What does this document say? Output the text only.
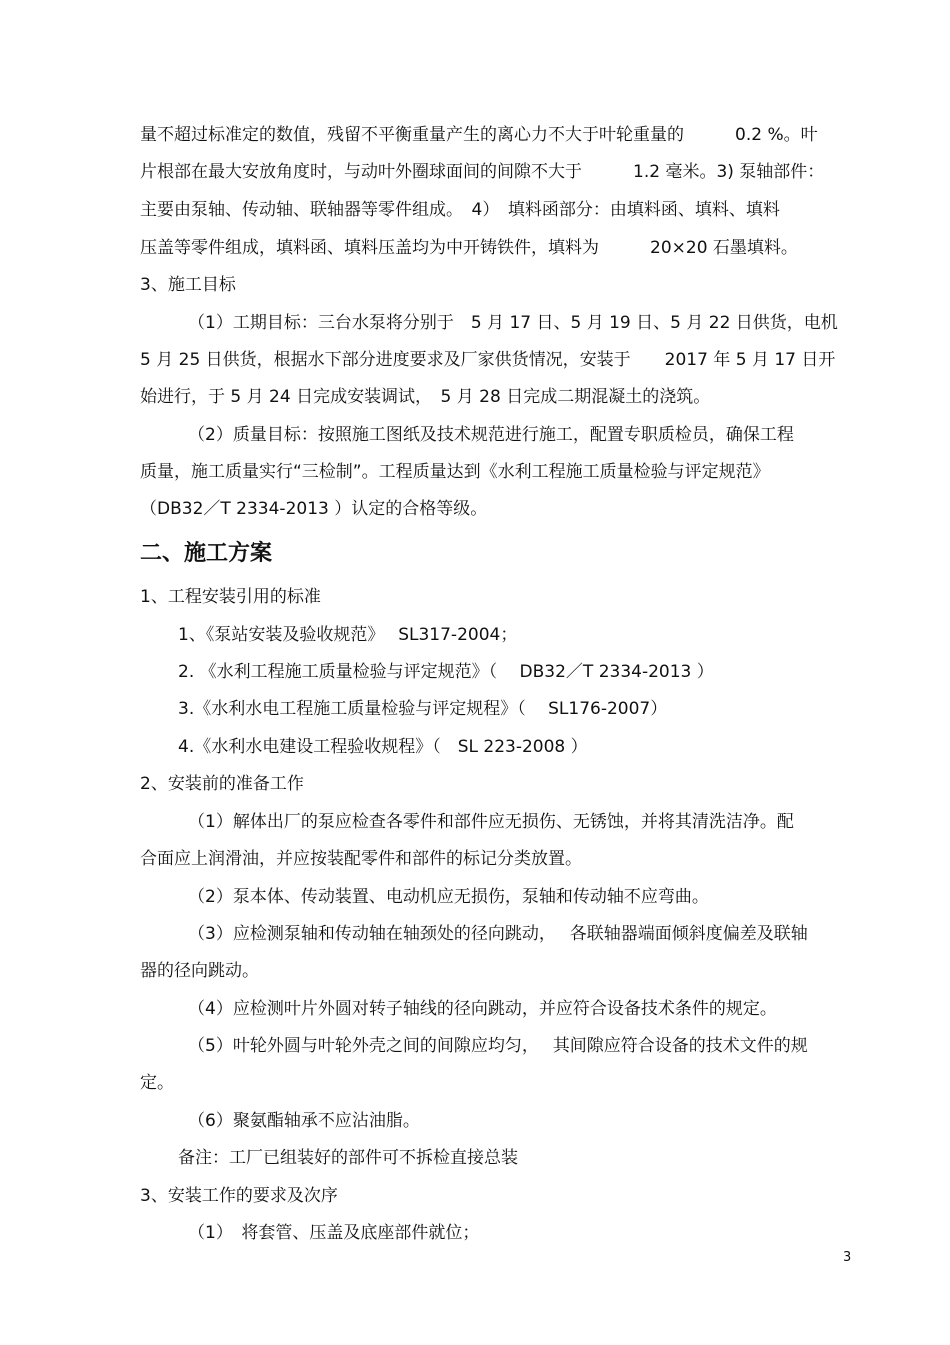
量不超过标准定的数值，残留不平衡重量产生的离心力不大于叶轮重量的　　　0.2 %。叶

片根部在最大安放角度时，与动叶外圈球面间的间隙不大于　　　1.2 毫米。3) 泵轴部件：

主要由泵轴、传动轴、联轴器等零件组成。　4）　填料函部分：由填料函、填料、填料

压盖等零件组成，填料函、填料压盖均为中开铸铁件，填料为　　　20×20 石墨填料。

3、施工目标

（1）工期目标：三台水泵将分别于　5 月 17 日、5 月 19 日、5 月 22 日供货，电机

5 月 25 日供货，根据水下部分进度要求及厂家供货情况，安装于　　2017 年 5 月 17 日开

始进行，于 5 月 24 日完成安装调试，　5 月 28 日完成二期混凝土的浇筑。

（2）质量目标：按照施工图纸及技术规范进行施工，配置专职质检员，确保工程

质量，施工质量实行“三检制”。工程质量达到《水利工程施工质量检验与评定规范》

（DB32／T 2334-2013 ）认定的合格等级。

二、施工方案

1、工程安装引用的标准

1、《泵站安装及验收规范》　 SL317-2004；

2. 《水利工程施工质量检验与评定规范》（　 DB32／T 2334-2013 ）

3.《水利水电工程施工质量检验与评定规程》（　 SL176-2007）

4.《水利水电建设工程验收规程》（　SL 223-2008 ）

2、安装前的准备工作

（1）解体出厂的泵应检查各零件和部件应无损伤、无锈蚀，并将其清洗洁净。配

合面应上润滑油，并应按装配零件和部件的标记分类放置。

（2）泵本体、传动装置、电动机应无损伤，泵轴和传动轴不应弯曲。

（3）应检测泵轴和传动轴在轴颈处的径向跳动，　 各联轴器端面倾斜度偏差及联轴

器的径向跳动。

（4）应检测叶片外圆对转子轴线的径向跳动，并应符合设备技术条件的规定。

（5）叶轮外圆与叶轮外壳之间的间隙应均匀，　 其间隙应符合设备的技术文件的规

定。

（6）聚氨酯轴承不应沾油脂。

备注：工厂已组装好的部件可不拆检直接总装

3、安装工作的要求及次序

（1）　将套管、压盖及底座部件就位；

3
